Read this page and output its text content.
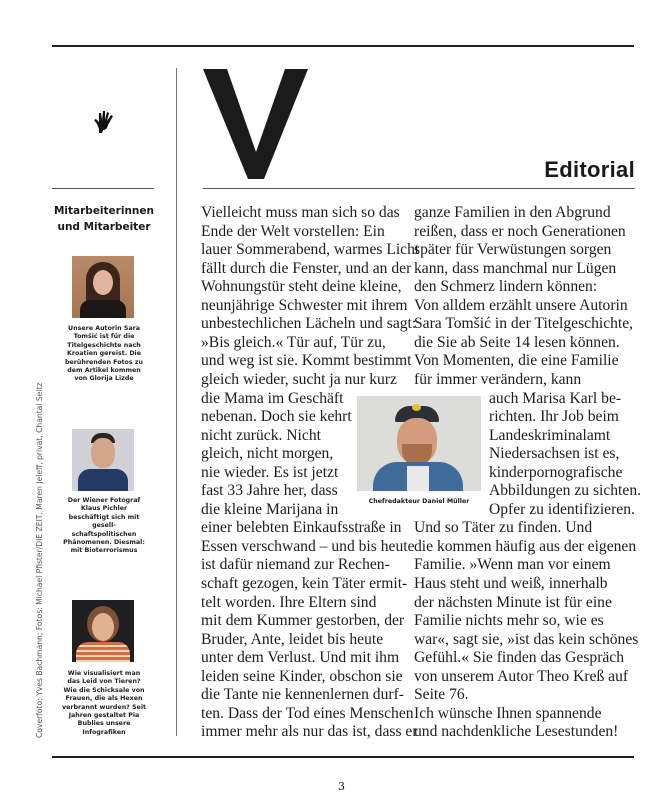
Editorial
Mitarbeiterinnen
und Mitarbeiter
Unsere Autorin Sara Tomšić ist für die Titelgeschichte nach Kroatien gereist. Die berührenden Fotos zu dem Artikel kommen von Glorija Lizde
Der Wiener Fotograf Klaus Pichler beschäftigt sich mit gesell-schaftspolitischen Phänomenen. Diesmal: mit Bioterrorismus
Wie visualisiert man das Leid von Tieren? Wie die Schicksale von Frauen, die als Hexen verbrannt wurden? Seit Jahren gestaltet Pia Bublies unsere Infografiken
Coverfoto: Yves Bachmann; Fotos: Michael Pfister/DIE ZEIT, Maren Jeleff, privat, Chantal Seitz
Vielleicht muss man sich so das
Ende der Welt vorstellen: Ein
lauer Sommerabend, warmes Licht
fällt durch die Fenster, und an der
Wohnungstür steht deine kleine,
neunjährige Schwester mit ihrem
unbestechlichen Lächeln und sagt:
»Bis gleich.« Tür auf, Tür zu,
und weg ist sie. Kommt bestimmt
gleich wieder, sucht ja nur kurz
die Mama im Geschäft
nebenan. Doch sie kehrt
nicht zurück. Nicht
gleich, nicht morgen,
nie wieder. Es ist jetzt
fast 33 Jahre her, dass
die kleine Marijana in
einer belebten Einkaufsstraße in
Essen verschwand – und bis heute
ist dafür niemand zur Rechen-
schaft gezogen, kein Täter ermit-
telt worden. Ihre Eltern sind
mit dem Kummer gestorben, der
Bruder, Ante, leidet bis heute
unter dem Verlust. Und mit ihm
leiden seine Kinder, obschon sie
die Tante nie kennenlernen durf-
ten. Dass der Tod eines Menschen
immer mehr als nur das ist, dass er
ganze Familien in den Abgrund
reißen, dass er noch Generationen
später für Verwüstungen sorgen
kann, dass manchmal nur Lügen
den Schmerz lindern können:
Von alldem erzählt unsere Autorin
Sara Tomšić in der Titelgeschichte,
die Sie ab Seite 14 lesen können.
Von Momenten, die eine Familie
für immer verändern, kann
auch Marisa Karl be-
richten. Ihr Job beim
Landeskriminalamt
Niedersachsen ist es,
kinderpornografische
Abbildungen zu sichten.
Opfer zu identifizieren.
Und so Täter zu finden. Und
die kommen häufig aus der eigenen
Familie. »Wenn man vor einem
Haus steht und weiß, innerhalb
der nächsten Minute ist für eine
Familie nichts mehr so, wie es
war«, sagt sie, »ist das kein schönes
Gefühl.« Sie finden das Gespräch
von unserem Autor Theo Kreß auf
Seite 76.
Ich wünsche Ihnen spannende
und nachdenkliche Lesestunden!
Chefredakteur Daniel Müller
3
